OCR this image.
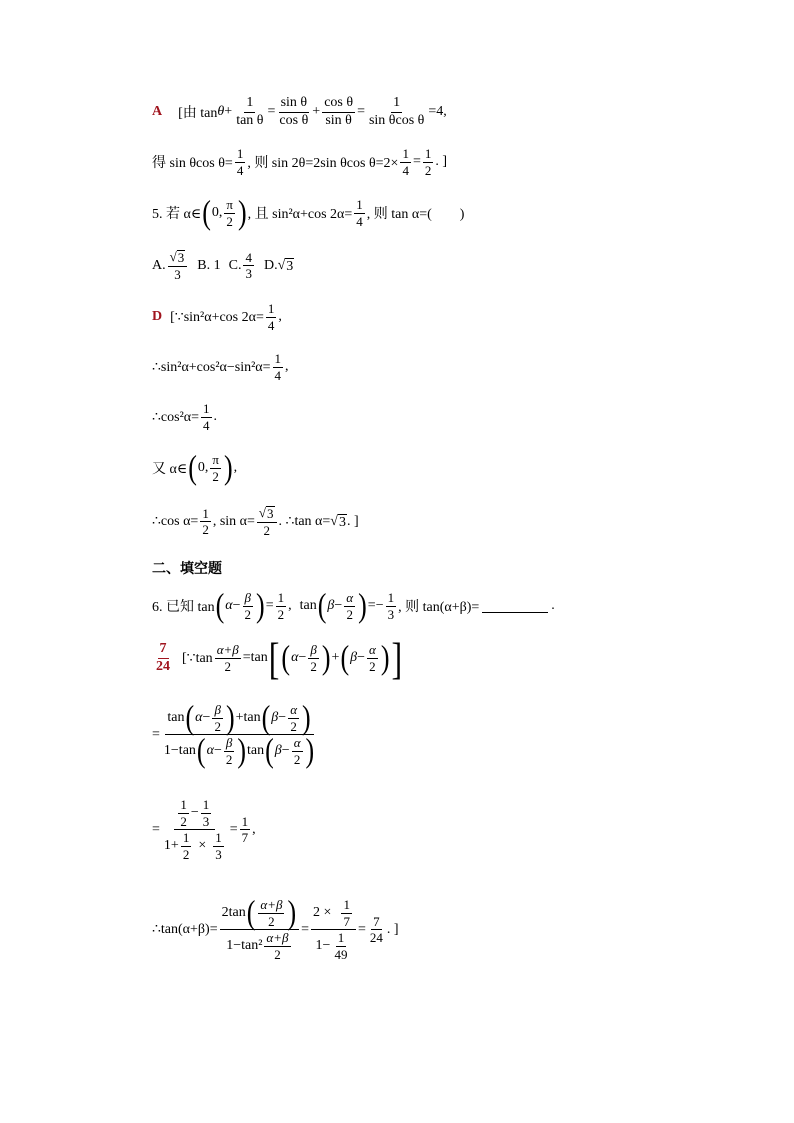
A [由 $\tan \theta + \frac{1}{\text{tan θ}} = \frac{\text{sin θ}}{\text{cos θ}} + \frac{\text{cos θ}}{\text{sin θ}} = \frac{1}{\text{sin θcos θ}} =4$,
得 sin θcos $\theta= \frac{1}{4}$ , 则 sin 2θ=2sin θcos $\theta=2\times \frac{1}{4} = \frac{1}{2}$ . ]
5. 若 α∈ ( 0,
π
2 ) , 且 sin²α+cos $2\alpha= \frac{1}{4}$ , 则 tan α=(　　)
A.
√ 3
3
B. 1 C.
4
3
D. √ 3
D [∵sin²α+cos $2\alpha= \frac{1}{4}$ ,
∴sin²α+cos²α−sin²α= $\frac{1}{4}$ ,
∴cos²α= $\frac{1}{4}$ .
又 α∈ ( 0,
π
2 ) ,
∴cos $\alpha= \frac{1}{2}$ , $\sin \alpha= \frac{√ 3}{2}$ . ∴tan α= √ 3 . ]
二、填空题
6. 已知 tan ( $\alpha - \frac{\beta}{2}$ ) = $\frac{1}{2}$ , tan ( $\beta - \frac{\alpha}{2}$ ) =− $\frac{1}{3}$ , 则 tan(α+β)=	.
7
24
[∵tan $\frac{\alpha+\beta}{2} =\tan$ [ ( $\alpha - \frac{\beta}{2}$ ) + ( $\beta - \frac{\alpha}{2}$ ) ]
= $\frac{\tan ( \alpha - \frac{\beta}{2} ) + \tan ( \beta - \frac{\alpha}{2} )}{1-\tan ( \alpha - \frac{\beta}{2} ) \tan ( \beta - \frac{\alpha}{2} )}$
= 1
2
− $\frac{1}{3}$
$1+ \frac{1}{2} \times \frac{1}{3} = \frac{1}{7}$ ,
∴tan(α+β)= 2tan ( α+β
2 )
1−tan²
α+β
2 = 2 ×
1
7
$1- \frac{1}{49} = \frac{7}{24}$ . ]
